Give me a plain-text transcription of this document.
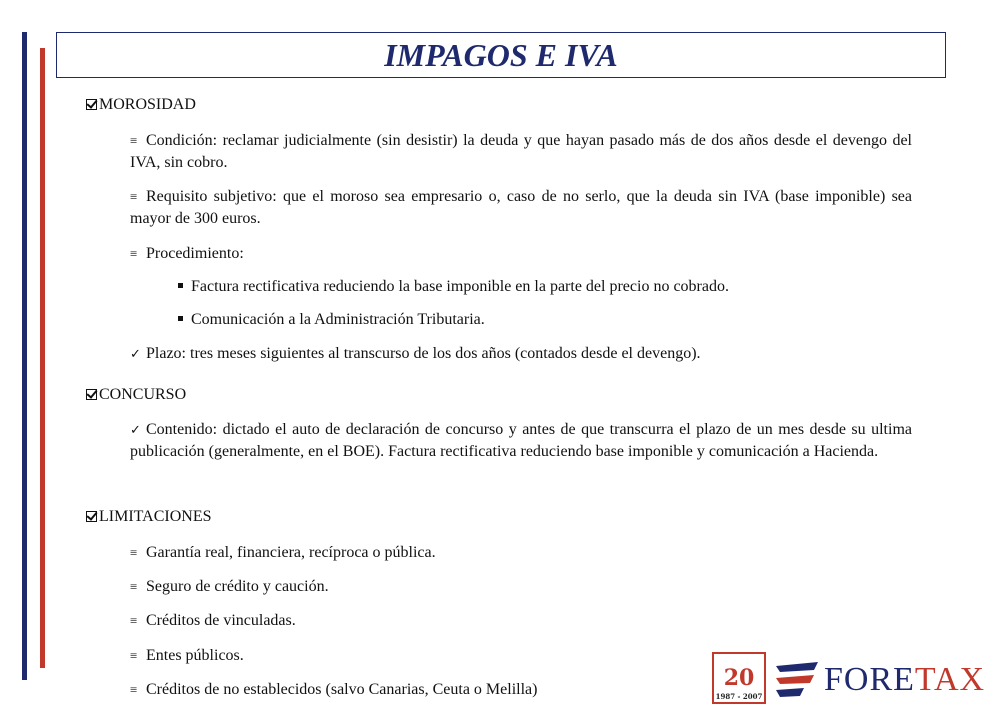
IMPAGOS E IVA
MOROSIDAD
≡ Condición: reclamar judicialmente (sin desistir) la deuda y que hayan pasado más de dos años desde el devengo del IVA, sin cobro.
≡ Requisito subjetivo: que el moroso sea empresario o, caso de no serlo, que la deuda sin IVA (base imponible) sea mayor de 300 euros.
≡ Procedimiento:
Factura rectificativa reduciendo la base imponible en la parte del precio no cobrado.
Comunicación a la Administración Tributaria.
✓ Plazo: tres meses siguientes al transcurso de los dos años (contados desde el devengo).
CONCURSO
✓ Contenido: dictado el auto de declaración de concurso y antes de que transcurra el plazo de un mes desde su ultima publicación (generalmente, en el BOE). Factura rectificativa reduciendo base imponible y comunicación a Hacienda.
LIMITACIONES
≡ Garantía real, financiera, recíproca o pública.
≡ Seguro de crédito y caución.
≡ Créditos de vinculadas.
≡ Entes públicos.
≡ Créditos de no establecidos (salvo Canarias, Ceuta o Melilla)	20
1987 - 2007 FORETAX
